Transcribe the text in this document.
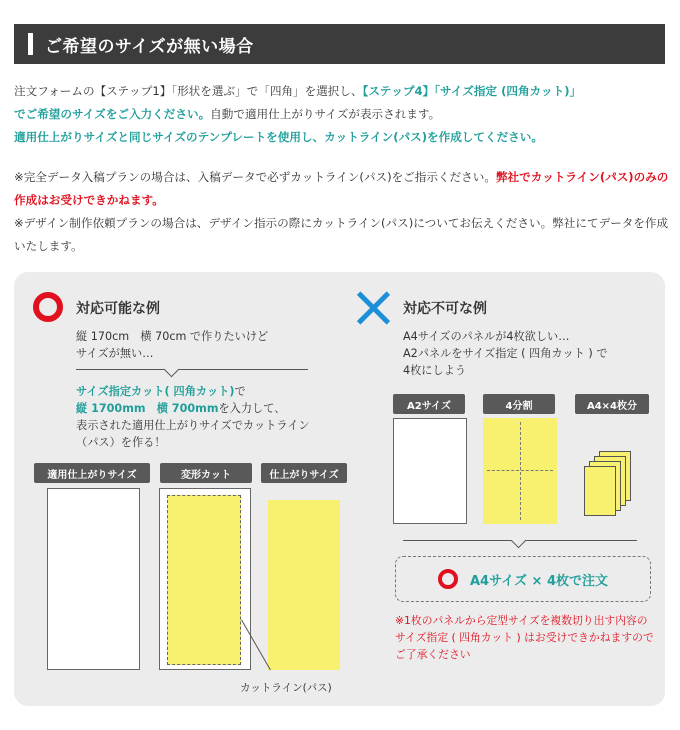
ご希望のサイズが無い場合
注文フォームの【ステップ1】「形状を選ぶ」で「四角」を選択し、【ステップ4】「サイズ指定 (四角カット)」
でご希望のサイズをご入力ください。自動で適用仕上がりサイズが表示されます。
適用仕上がりサイズと同じサイズのテンプレートを使用し、カットライン(パス)を作成してください。
※完全データ入稿プランの場合は、入稿データで必ずカットライン(パス)をご指示ください。弊社でカットライン(パス)のみの作成はお受けできかねます。
※デザイン制作依頼プランの場合は、デザイン指示の際にカットライン(パス)についてお伝えください。弊社にてデータを作成いたします。
対応可能な例
縦 170cm　横 70cm で作りたいけど
サイズが無い…
サイズ指定カット( 四角カット)で
縦 1700mm　横 700mmを入力して、
表示された適用仕上がりサイズでカットライン（パス）を作る！
適用仕上がりサイズ	変形カット	仕上がりサイズ
カットライン(パス)
対応不可な例
A4サイズのパネルが4枚欲しい…
A2パネルをサイズ指定 ( 四角カット ) で
4枚にしよう
A2サイズ	4分割	A4×4枚分
A4サイズ × 4枚で注文
※1枚のパネルから定型サイズを複数切り出す内容のサイズ指定 ( 四角カット ) はお受けできかねますのでご了承ください
